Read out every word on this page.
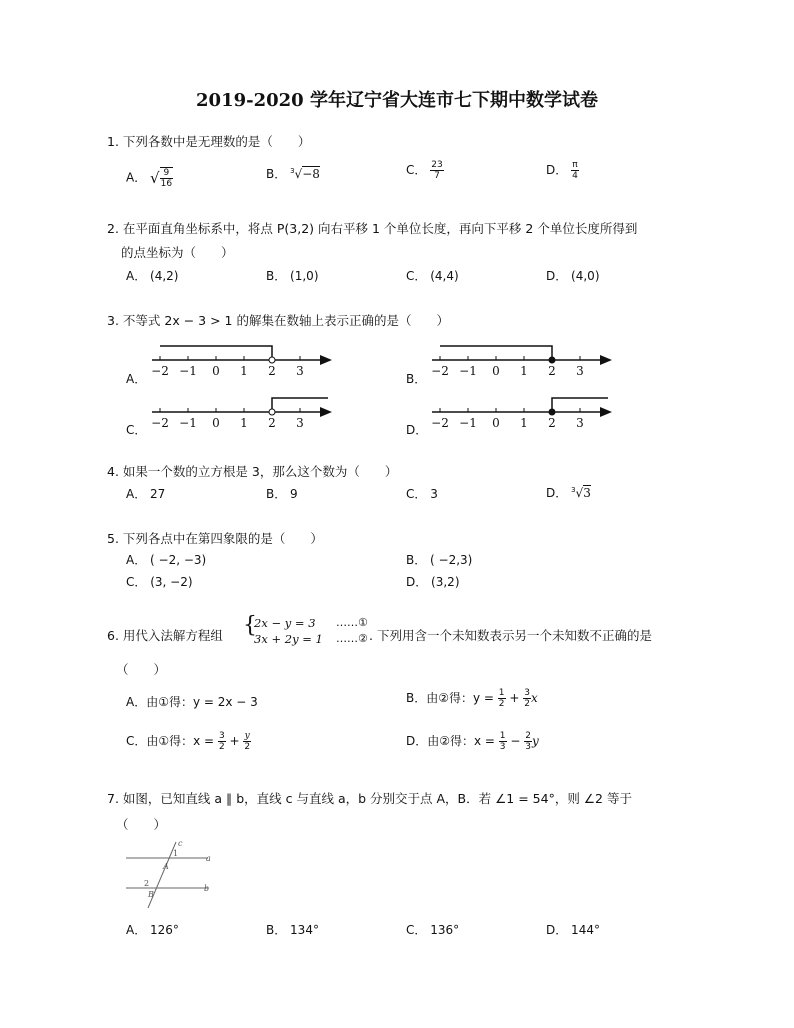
2019-2020 学年辽宁省大连市七下期中数学试卷
1. 下列各数中是无理数的是（　　）
A． √ $\frac{9}{16}$	B． $^3$√−8	C． $\frac{23}{7}$	D． $\frac{\pi}{4}$
2. 在平面直角坐标系中，将点 P(3,2) 向右平移 1 个单位长度，再向下平移 2 个单位长度所得到
的点坐标为（　　）
A． (4,2)	B． (1,0)	C． (4,4)	D． (4,0)
3. 不等式 2x − 3 > 1 的解集在数轴上表示正确的是（　　）
A．	B．
C．	D．
−2 −1 0 1 2 3	−2 −1 0 1 2 3
−2 −1 0 1 2 3	−2 −1 0 1 2 3
4. 如果一个数的立方根是 3，那么这个数为（　　）
A． 27	B． 9	C． 3	D． $^3$√3
5. 下列各点中在第四象限的是（　　）
A． ( −2, −3)	B． ( −2,3)
C． (3, −2)	D． (3,2)
6. 用代入法解方程组 {
2x − y = 3
3x + 2y = 1
……①
……② . 下列用含一个未知数表示另一个未知数不正确的是
（　　）
A．由①得：y = 2x − 3	B．由②得：$y = \frac{1}{2} + \frac{3}{2}$ x
C．由①得：$x = \frac{3}{2} + \frac{y}{2}$	D．由②得：$x = \frac{1}{3} - \frac{2}{3}$ y
7. 如图，已知直线 a ∥ b，直线 c 与直线 a，b 分别交于点 A，B．若 ∠1 = 54°，则 ∠2 等于
（　　）
c
1
A
a
2
B
b
A． 126°	B． 134°	C． 136°	D． 144°
